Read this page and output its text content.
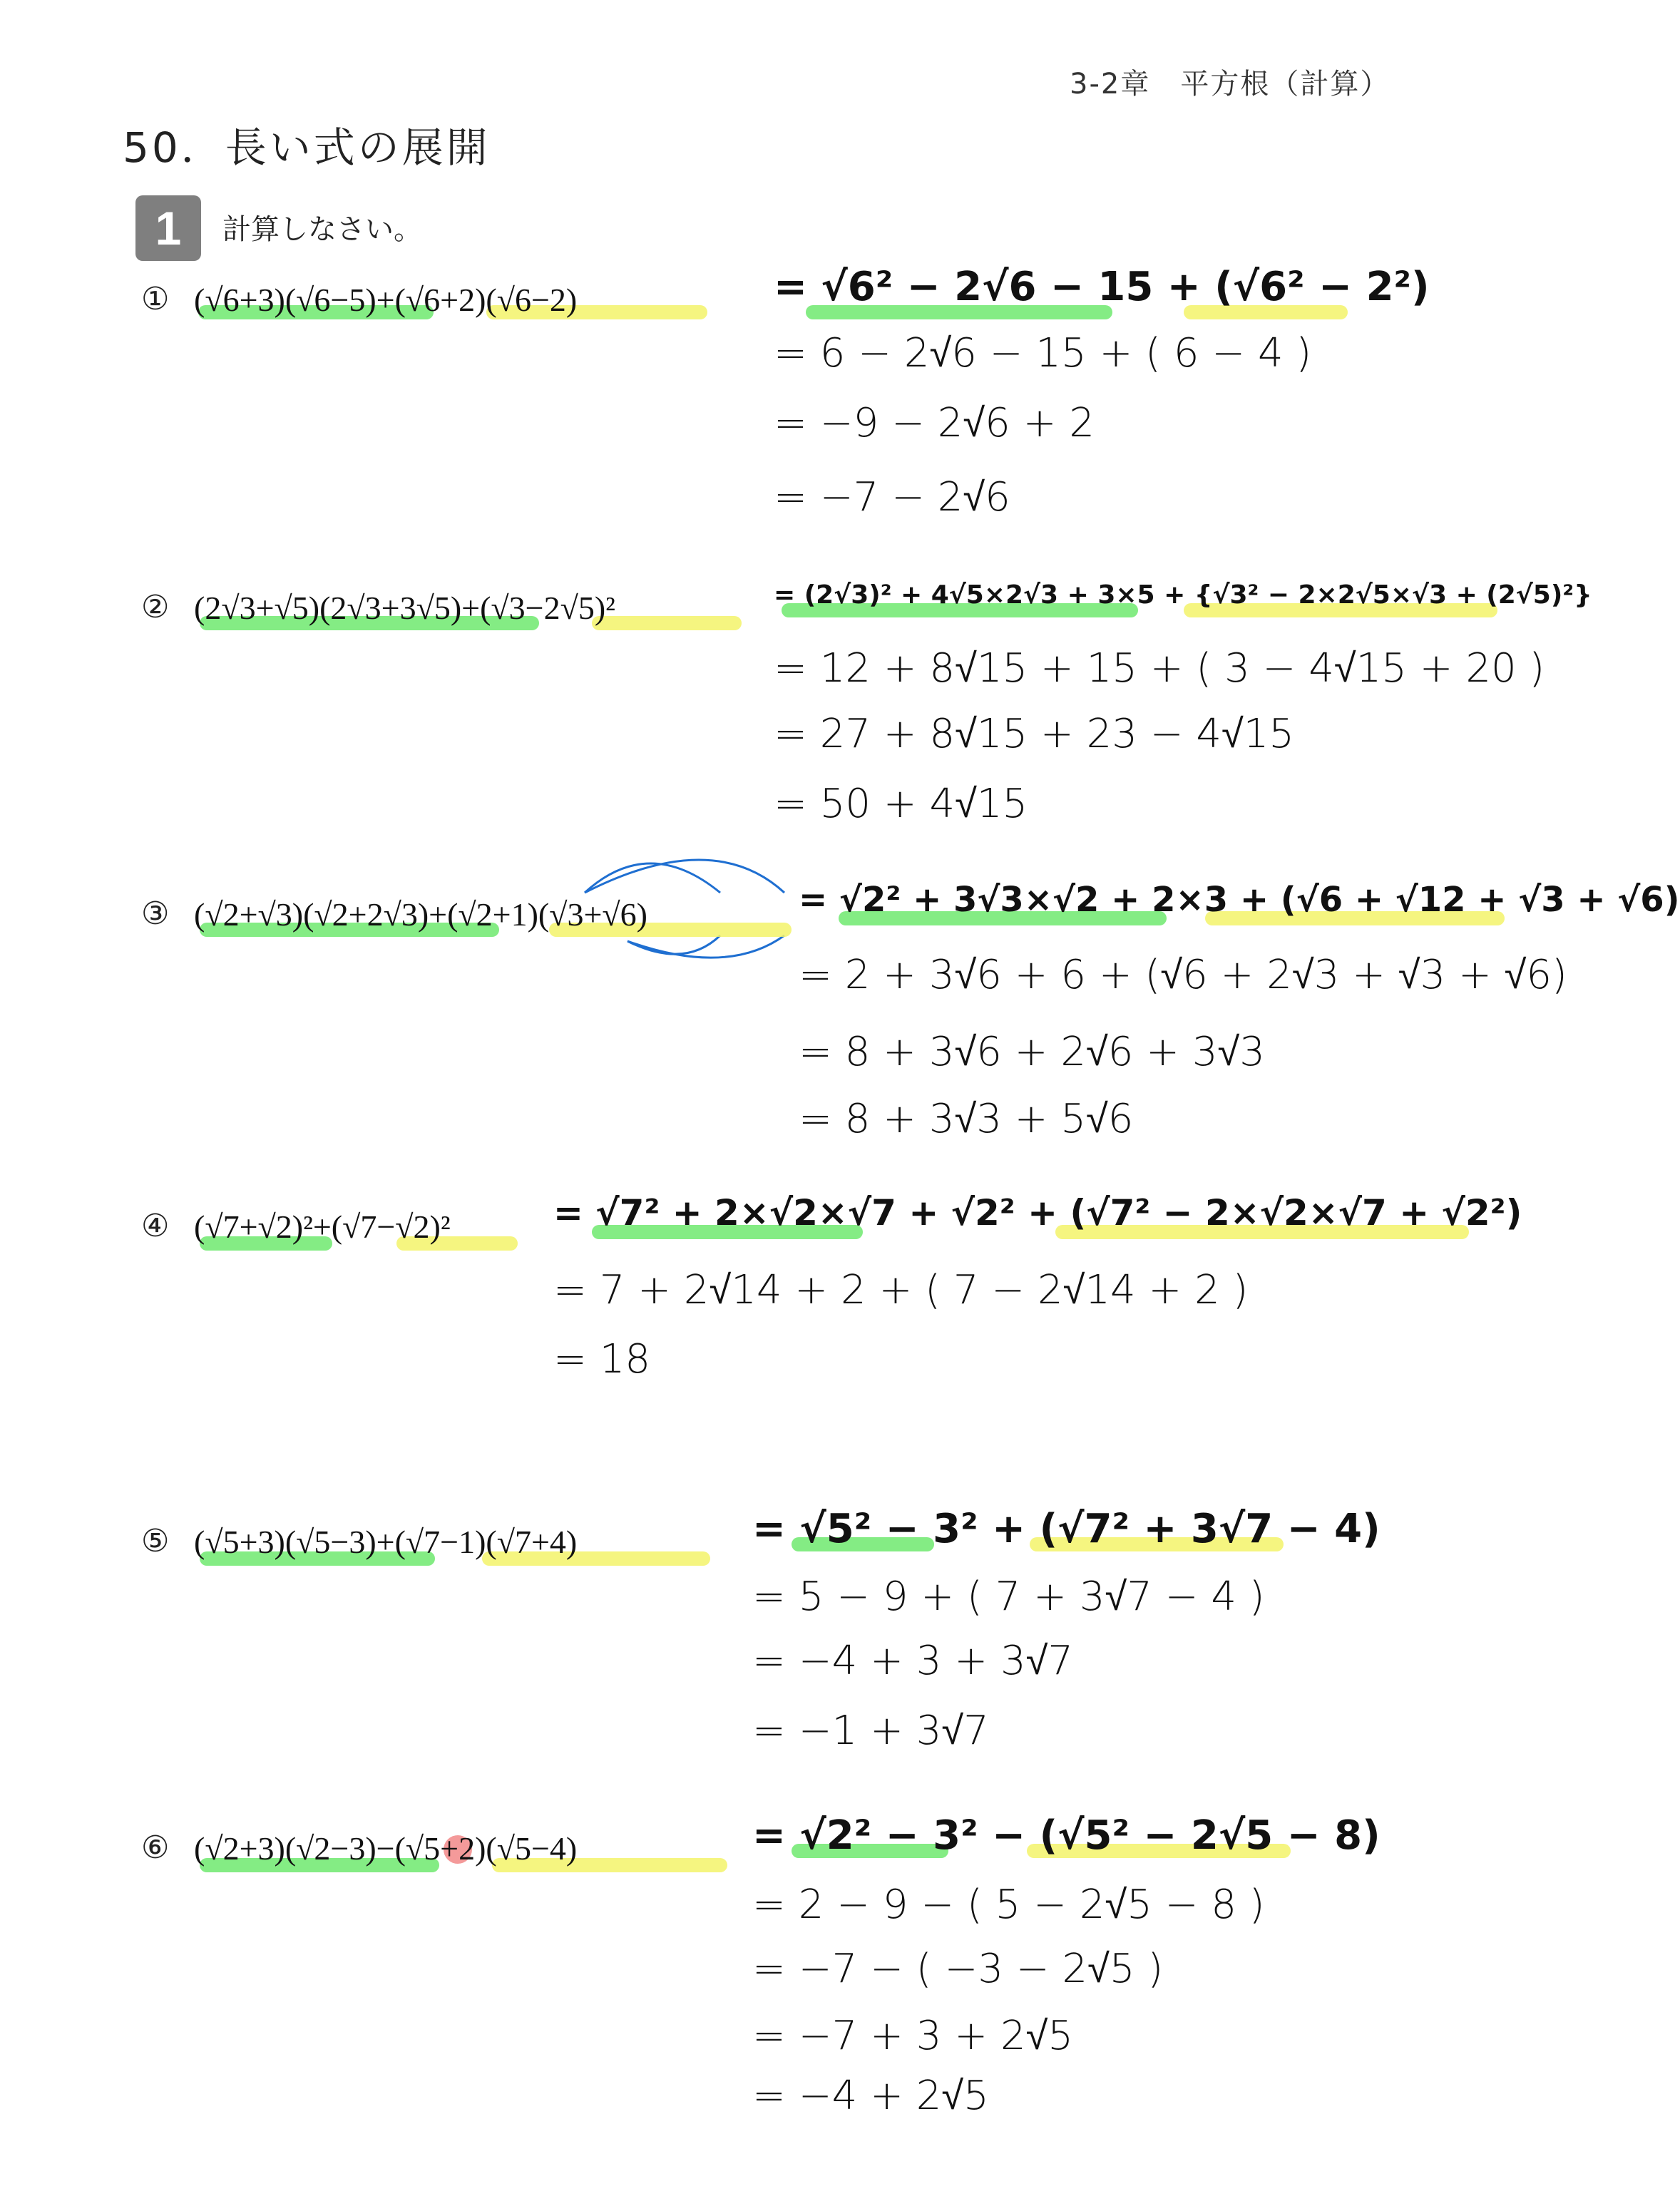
3-2章　平方根（計算）
50．長い式の展開
1	計算しなさい。
① (√6+3)(√6−5)+(√6+2)(√6−2)	= √6² − 2√6 − 15 + (√6² − 2²)
= 6 − 2√6 − 15 + ( 6 − 4 )
= −9 − 2√6 + 2
= −7 − 2√6
② (2√3+√5)(2√3+3√5)+(√3−2√5)²	= (2√3)² + 4√5×2√3 + 3×5 + {√3² − 2×2√5×√3 + (2√5)²}
= 12 + 8√15 + 15 + ( 3 − 4√15 + 20 )
= 27 + 8√15 + 23 − 4√15
= 50 + 4√15
③ (√2+√3)(√2+2√3)+(√2+1)(√3+√6)	= √2² + 3√3×√2 + 2×3 + (√6 + √12 + √3 + √6)
= 2 + 3√6 + 6 + (√6 + 2√3 + √3 + √6)
= 8 + 3√6 + 2√6 + 3√3
= 8 + 3√3 + 5√6
④ (√7+√2)²+(√7−√2)²	= √7² + 2×√2×√7 + √2² + (√7² − 2×√2×√7 + √2²)
= 7 + 2√14 + 2 + ( 7 − 2√14 + 2 )
= 18
⑤ (√5+3)(√5−3)+(√7−1)(√7+4)	= √5² − 3² + (√7² + 3√7 − 4)
= 5 − 9 + ( 7 + 3√7 − 4 )
= −4 + 3 + 3√7
= −1 + 3√7
⑥ (√2+3)(√2−3)−(√5+2)(√5−4)	= √2² − 3² − (√5² − 2√5 − 8)
= 2 − 9 − ( 5 − 2√5 − 8 )
= −7 − ( −3 − 2√5 )
= −7 + 3 + 2√5
= −4 + 2√5
